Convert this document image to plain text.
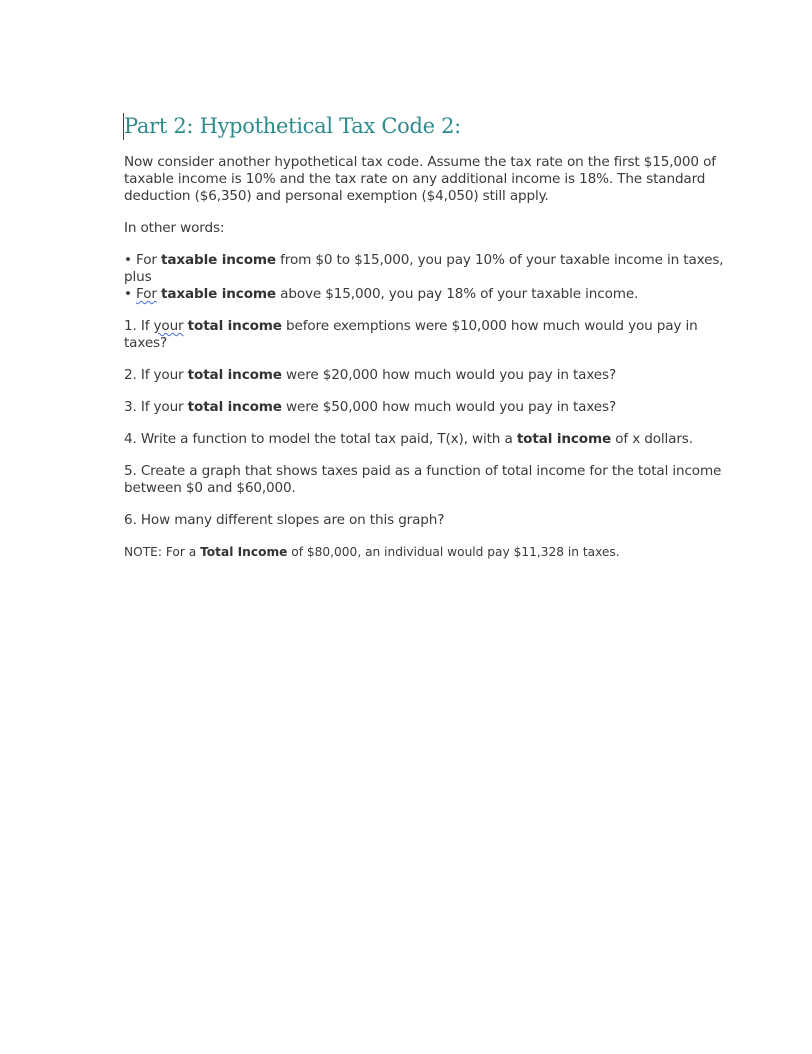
Part 2: Hypothetical Tax Code 2:

Now consider another hypothetical tax code. Assume the tax rate on the first $15,000 of taxable income is 10% and the tax rate on any additional income is 18%. The standard deduction ($6,350) and personal exemption ($4,050) still apply.

In other words:

• For taxable income from $0 to $15,000, you pay 10% of your taxable income in taxes, plus

• For taxable income above $15,000, you pay 18% of your taxable income.

1. If your total income before exemptions were $10,000 how much would you pay in taxes?

2. If your total income were $20,000 how much would you pay in taxes?

3. If your total income were $50,000 how much would you pay in taxes?

4. Write a function to model the total tax paid, T(x), with a total income of x dollars.

5. Create a graph that shows taxes paid as a function of total income for the total income between $0 and $60,000.

6. How many different slopes are on this graph?

NOTE: For a Total Income of $80,000, an individual would pay $11,328 in taxes.
